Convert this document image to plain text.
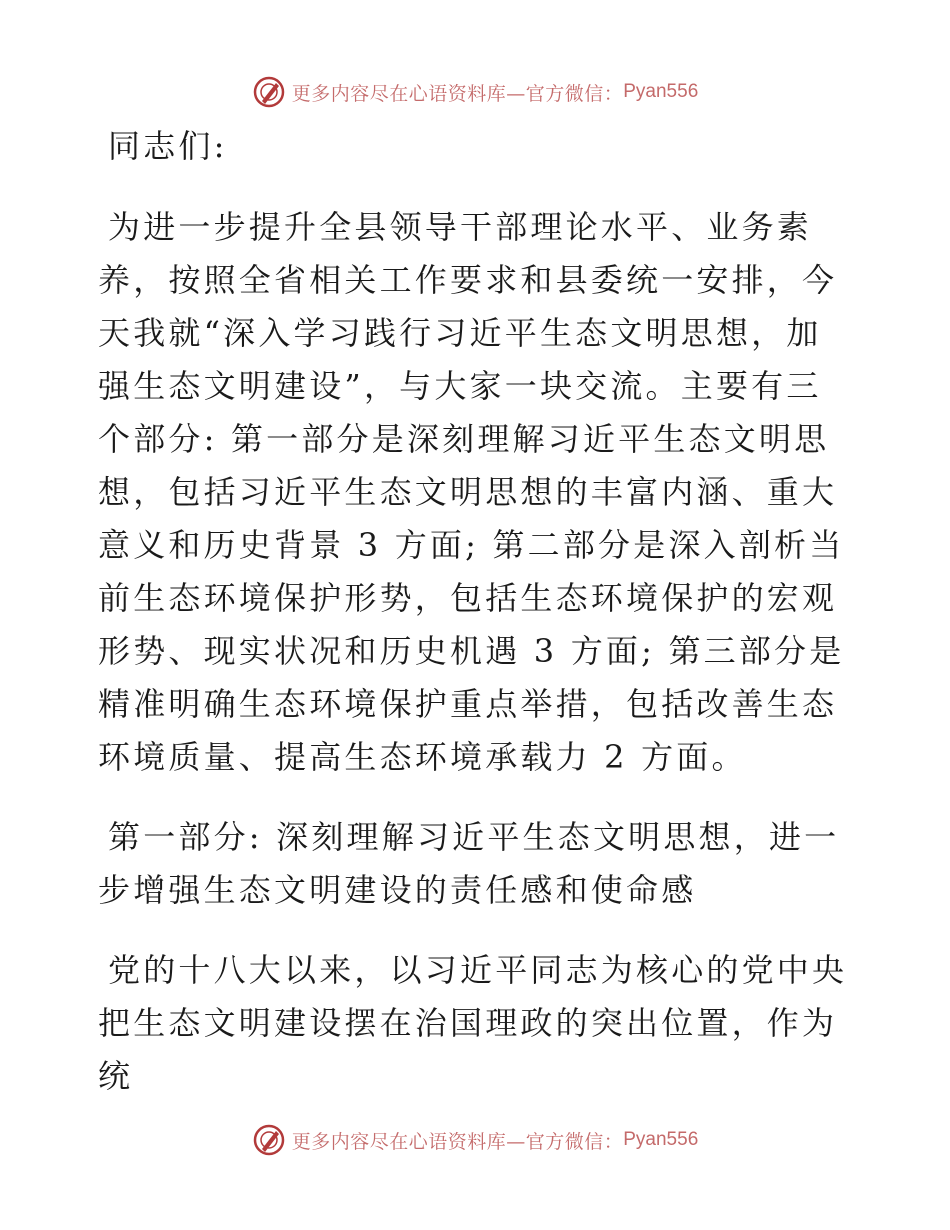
更多内容尽在心语资料库—官方微信： Pyan556

同志们:

为进一步提升全县领导干部理论水平、业务素养，按照全省相关工作要求和县委统一安排，今天我就“深入学习践行习近平生态文明思想，加强生态文明建设”，与大家一块交流。主要有三个部分: 第一部分是深刻理解习近平生态文明思想，包括习近平生态文明思想的丰富内涵、重大意义和历史背景 3 方面; 第二部分是深入剖析当前生态环境保护形势，包括生态环境保护的宏观形势、现实状况和历史机遇 3 方面; 第三部分是精准明确生态环境保护重点举措，包括改善生态环境质量、提高生态环境承载力 2 方面。

第一部分: 深刻理解习近平生态文明思想，进一步增强生态文明建设的责任感和使命感

党的十八大以来，以习近平同志为核心的党中央把生态文明建设摆在治国理政的突出位置，作为统

更多内容尽在心语资料库—官方微信： Pyan556
